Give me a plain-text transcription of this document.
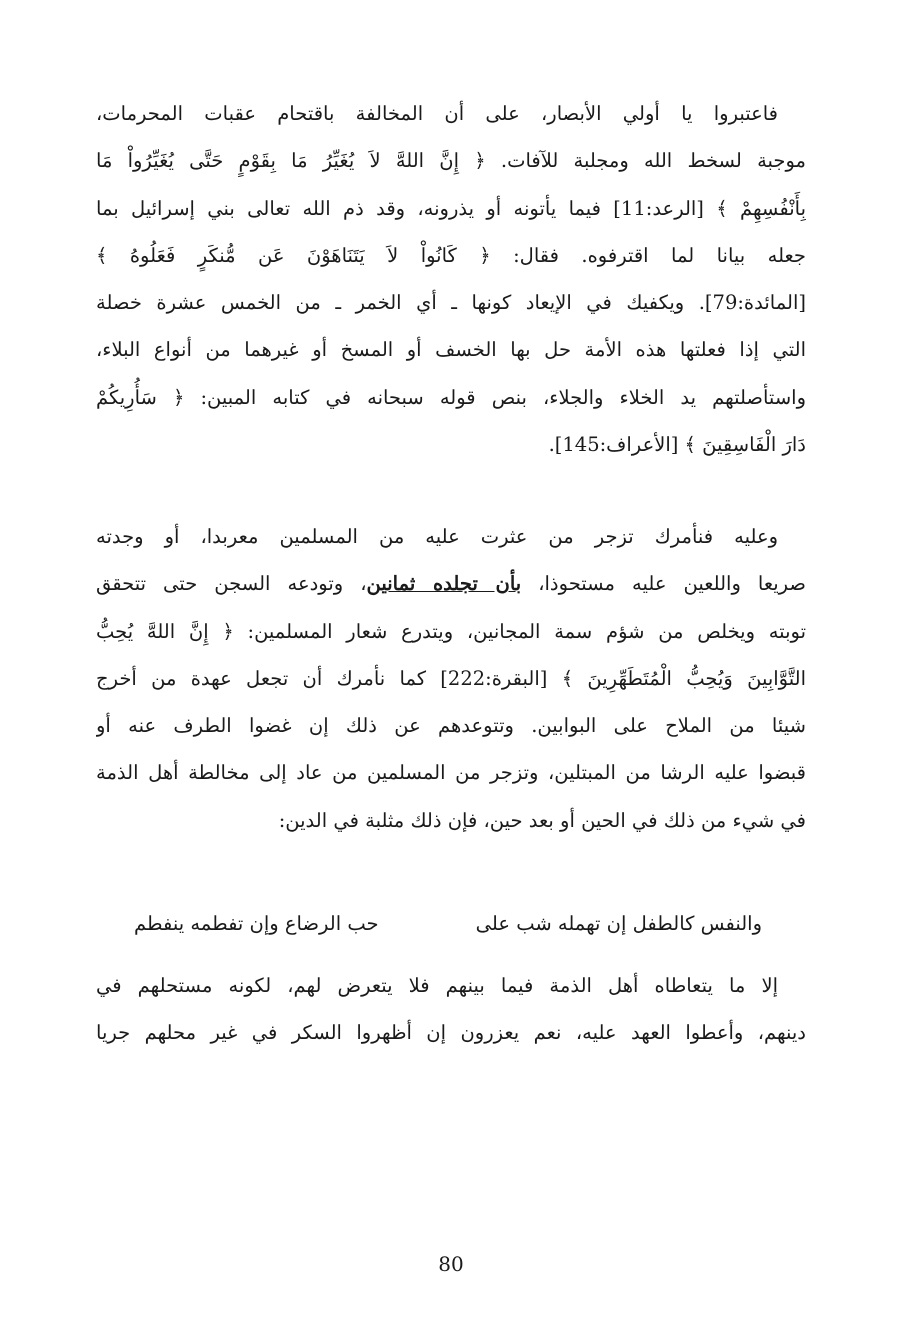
فاعتبروا يا أولي الأبصار، على أن المخالفة باقتحام عقبات المحرمات،
موجبة لسخط الله ومجلبة للآفات. ﴿ إِنَّ اللهَّ لاَ يُغَيِّرُ مَا بِقَوْمٍ حَتَّى يُغَيِّرُواْ مَا
بِأَنْفُسِهِمْ ﴾ [الرعد:11] فيما يأتونه أو يذرونه، وقد ذم الله تعالى بني إسرائيل بما
جعله بيانا لما اقترفوه. فقال: ﴿ كَانُواْ لاَ يَتَنَاهَوْنَ عَن مُّنكَرٍ فَعَلُوهُ ﴾
[المائدة:79]. ويكفيك في الإيعاد كونها ـ أي الخمر ـ من الخمس عشرة خصلة
التي إذا فعلتها هذه الأمة حل بها الخسف أو المسخ أو غيرهما من أنواع البلاء،
واستأصلتهم يد الخلاء والجلاء، بنص قوله سبحانه في كتابه المبين: ﴿ سَأُرِيكُمْ
دَارَ الْفَاسِقِينَ ﴾ [الأعراف:145].
وعليه فنأمرك تزجر من عثرت عليه من المسلمين معربدا، أو وجدته
صريعا واللعين عليه مستحوذا، بأن تجلده ثمانين، وتودعه السجن حتى تتحقق
توبته ويخلص من شؤم سمة المجانين، ويتدرع شعار المسلمين: ﴿ إِنَّ اللهَّ يُحِبُّ
التَّوَّابِينَ وَيُحِبُّ الْمُتَطَهِّرِينَ ﴾ [البقرة:222] كما نأمرك أن تجعل عهدة من أخرج
شيئا من الملاح على البوابين. وتتوعدهم عن ذلك إن غضوا الطرف عنه أو
قبضوا عليه الرشا من المبتلين، وتزجر من المسلمين من عاد إلى مخالطة أهل الذمة
في شيء من ذلك في الحين أو بعد حين، فإن ذلك مثلبة في الدين:
والنفس كالطفل إن تهمله شب على
حب الرضاع وإن تفطمه ينفطم
إلا ما يتعاطاه أهل الذمة فيما بينهم فلا يتعرض لهم، لكونه مستحلهم في
دينهم، وأعطوا العهد عليه، نعم يعزرون إن أظهروا السكر في غير محلهم جريا
80
